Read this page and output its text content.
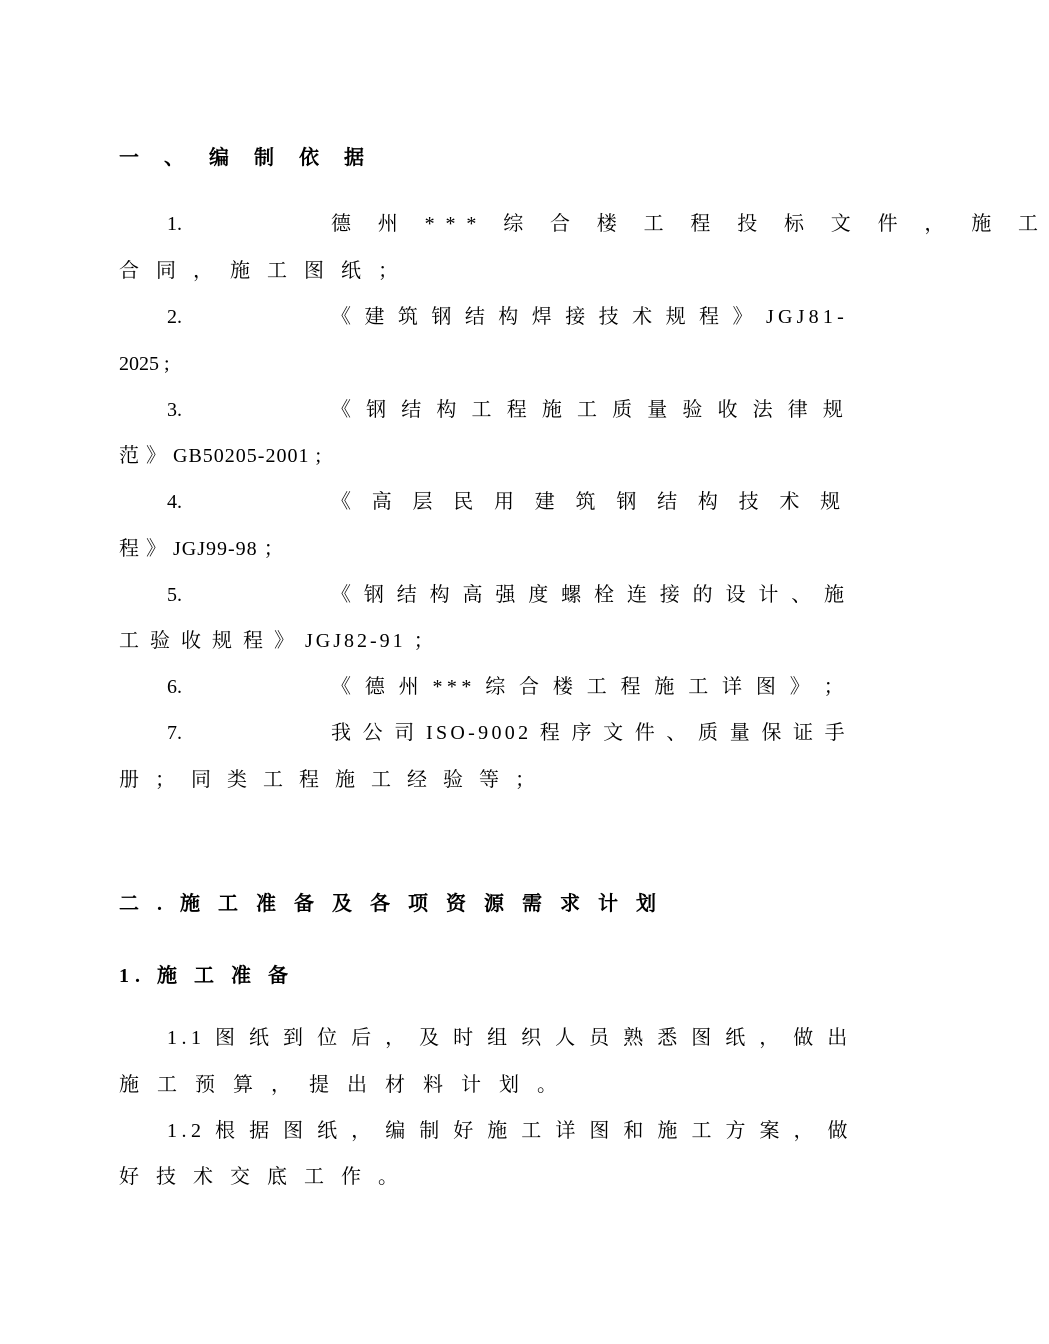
一 、 编 制 依 据
1.	德 州 *** 综 合 楼 工 程 投 标 文 件 ， 施 工
合 同 ， 施 工 图 纸 ；
2.	《 建 筑 钢 结 构 焊 接 技 术 规 程 》 JGJ81-
2025 ;
3.	《 钢 结 构 工 程 施 工 质 量 验 收 法 律 规
范 》 GB50205-2001 ;
4.	《 高 层 民 用 建 筑 钢 结 构 技 术 规
程 》 JGJ99-98 ；
5.	《 钢 结 构 高 强 度 螺 栓 连 接 的 设 计 、 施
工 验 收 规 程 》 JGJ82-91 ；
6.	《 德 州 *** 综 合 楼 工 程 施 工 详 图 》 ；
7.	我 公 司 ISO-9002 程 序 文 件 、 质 量 保 证 手
册 ； 同 类 工 程 施 工 经 验 等 ；
二 . 施 工 准 备 及 各 项 资 源 需 求 计 划
1. 施 工 准 备
1.1 图 纸 到 位 后 ， 及 时 组 织 人 员 熟 悉 图 纸 ， 做 出
施 工 预 算 ， 提 出 材 料 计 划 。
1.2 根 据 图 纸 ， 编 制 好 施 工 详 图 和 施 工 方 案 ， 做
好 技 术 交 底 工 作 。
